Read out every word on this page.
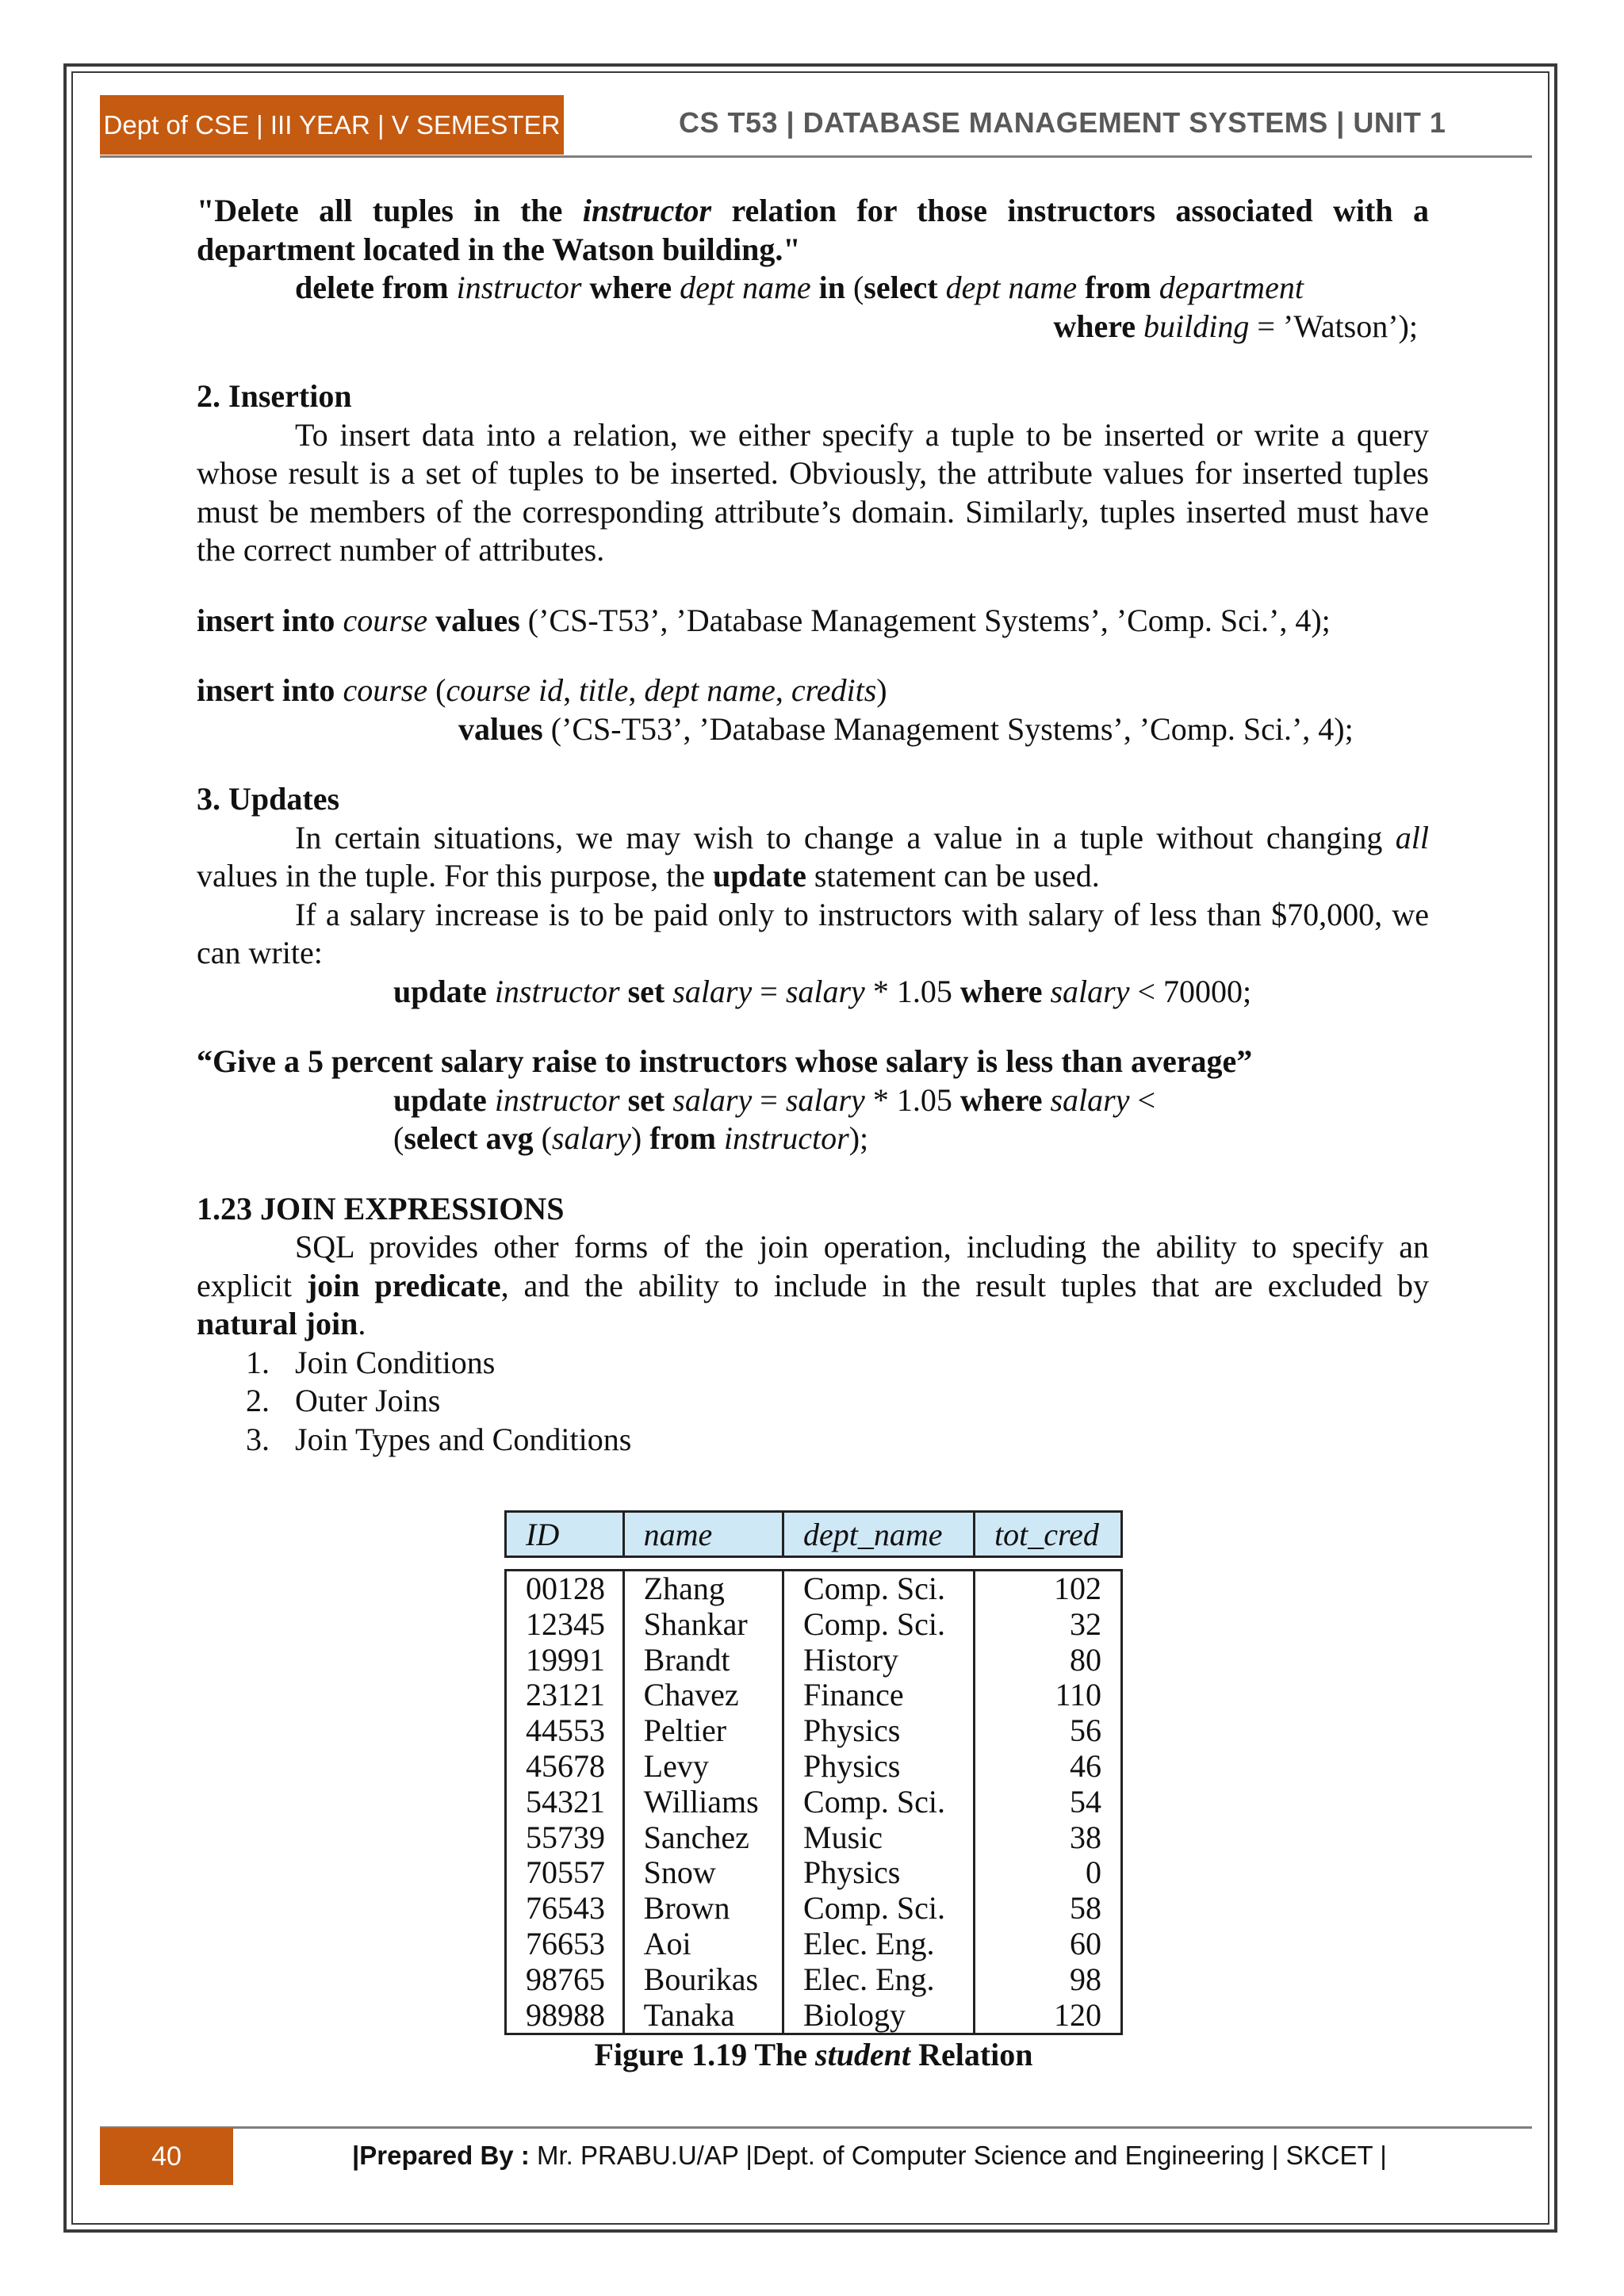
Dept of CSE | III YEAR | V SEMESTER	CS T53 | DATABASE MANAGEMENT SYSTEMS | UNIT 1

"Delete all tuples in the instructor relation for those instructors associated with a department located in the Watson building."

delete from instructor where dept name in (select dept name from department

where building = ’Watson’);

2. Insertion

To insert data into a relation, we either specify a tuple to be inserted or write a query whose result is a set of tuples to be inserted. Obviously, the attribute values for inserted tuples must be members of the corresponding attribute’s domain. Similarly, tuples inserted must have the correct number of attributes.

insert into course values (’CS-T53’, ’Database Management Systems’, ’Comp. Sci.’, 4);

insert into course (course id, title, dept name, credits)

values (’CS-T53’, ’Database Management Systems’, ’Comp. Sci.’, 4);

3. Updates

In certain situations, we may wish to change a value in a tuple without changing all values in the tuple. For this purpose, the update statement can be used.

If a salary increase is to be paid only to instructors with salary of less than $70,000, we can write:

update instructor set salary = salary * 1.05 where salary < 70000;

“Give a 5 percent salary raise to instructors whose salary is less than average”

update instructor set salary = salary * 1.05 where salary <

(select avg (salary) from instructor);

1.23 JOIN EXPRESSIONS

SQL provides other forms of the join operation, including the ability to specify an explicit join predicate, and the ability to include in the result tuples that are excluded by natural join.

1. Join Conditions
2. Outer Joins
3. Join Types and Conditions
ID	name	dept_name	tot_cred

00128	Zhang	Comp. Sci.	102
12345	Shankar	Comp. Sci.	32
19991	Brandt	History	80
23121	Chavez	Finance	110
44553	Peltier	Physics	56
45678	Levy	Physics	46
54321	Williams	Comp. Sci.	54
55739	Sanchez	Music	38
70557	Snow	Physics	0
76543	Brown	Comp. Sci.	58
76653	Aoi	Elec. Eng.	60
98765	Bourikas	Elec. Eng.	98
98988	Tanaka	Biology	120
Figure 1.19 The student Relation
40	|Prepared By : Mr. PRABU.U/AP |Dept. of Computer Science and Engineering | SKCET |
